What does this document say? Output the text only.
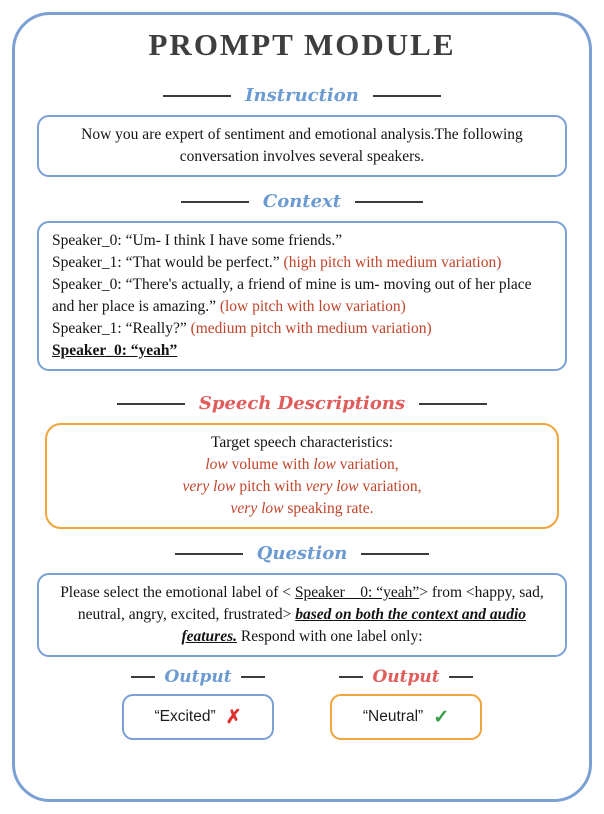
PROMPT MODULE
Instruction
Now you are expert of sentiment and emotional analysis.The following conversation involves several speakers.
Context
Speaker_0: “Um- I think I have some friends.”
Speaker_1: “That would be perfect.” (high pitch with medium variation)
Speaker_0: “There's actually, a friend of mine is um- moving out of her place and her place is amazing.” (low pitch with low variation)
Speaker_1: “Really?” (medium pitch with medium variation)
Speaker_0: “yeah”
Speech Descriptions
Target speech characteristics:
low volume with low variation,
very low pitch with very low variation,
very low speaking rate.
Question
Please select the emotional label of < Speaker__0: “yeah”> from <happy, sad, neutral, angry, excited, frustrated> based on both the context and audio features. Respond with one label only:
Output
“Excited” ✗
Output
“Neutral” ✓
